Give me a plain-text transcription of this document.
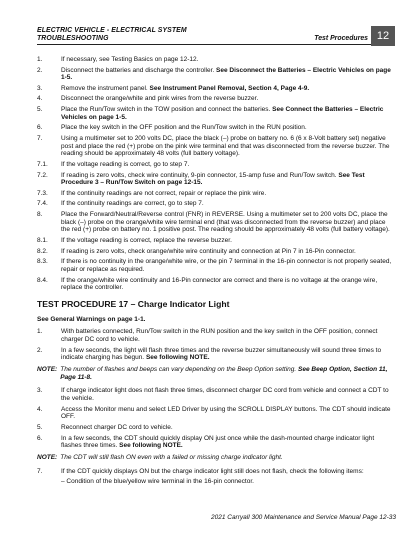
ELECTRIC VEHICLE - ELECTRICAL SYSTEM
TROUBLESHOOTING	Test Procedures 12
1.	If necessary, see Testing Basics on page 12-12.
2.	Disconnect the batteries and discharge the controller. See Disconnect the Batteries – Electric Vehicles on page 1-5.
3.	Remove the instrument panel. See Instrument Panel Removal, Section 4, Page 4-9.
4.	Disconnect the orange/white and pink wires from the reverse buzzer.
5.	Place the Run/Tow switch in the TOW position and connect the batteries. See Connect the Batteries – Electric Vehicles on page 1-5.
6.	Place the key switch in the OFF position and the Run/Tow switch in the RUN position.
7.	Using a multimeter set to 200 volts DC, place the black (–) probe on battery no. 6 (6 x 8-Volt battery set) negative post and place the red (+) probe on the pink wire terminal end that was disconnected from the reverse buzzer. The reading should be approximately 48 volts (full battery voltage).
7.1.	If the voltage reading is correct, go to step 7.
7.2.	If reading is zero volts, check wire continuity, 9-pin connector, 15-amp fuse and Run/Tow switch. See Test Procedure 3 – Run/Tow Switch on page 12-15.
7.3.	If the continuity readings are not correct, repair or replace the pink wire.
7.4.	If the continuity readings are correct, go to step 7.
8.	Place the Forward/Neutral/Reverse control (FNR) in REVERSE. Using a multimeter set to 200 volts DC, place the black (–) probe on the orange/white wire terminal end (that was disconnected from the reverse buzzer) and place the red (+) probe on battery no. 1 positive post. The reading should be approximately 48 volts (full battery voltage).
8.1.	If the voltage reading is correct, replace the reverse buzzer.
8.2.	If reading is zero volts, check orange/white wire continuity and connection at Pin 7 in 16-Pin connector.
8.3.	If there is no continuity in the orange/white wire, or the pin 7 terminal in the 16-pin connector is not properly seated, repair or replace as required.
8.4.	If the orange/white wire continuity and 16-Pin connector are correct and there is no voltage at the orange wire, replace the controller.
TEST PROCEDURE 17 – Charge Indicator Light
See General Warnings on page 1-1.
1.	With batteries connected, Run/Tow switch in the RUN position and the key switch in the OFF position, connect charger DC cord to vehicle.
2.	In a few seconds, the light will flash three times and the reverse buzzer simultaneously will sound three times to indicate charging has begun. See following NOTE.
NOTE: The number of flashes and beeps can vary depending on the Beep Option setting. See Beep Option, Section 11, Page 11-8.
3.	If charge indicator light does not flash three times, disconnect charger DC cord from vehicle and connect a CDT to the vehicle.
4.	Access the Monitor menu and select LED Driver by using the SCROLL DISPLAY buttons. The CDT should indicate OFF.
5.	Reconnect charger DC cord to vehicle.
6.	In a few seconds, the CDT should quickly display ON just once while the dash-mounted charge indicator light flashes three times. See following NOTE.
NOTE: The CDT will still flash ON even with a failed or missing charge indicator light.
7.	If the CDT quickly displays ON but the charge indicator light still does not flash, check the following items:
– Condition of the blue/yellow wire terminal in the 16-pin connector.
2021 Carryall 300 Maintenance and Service Manual Page 12-33
